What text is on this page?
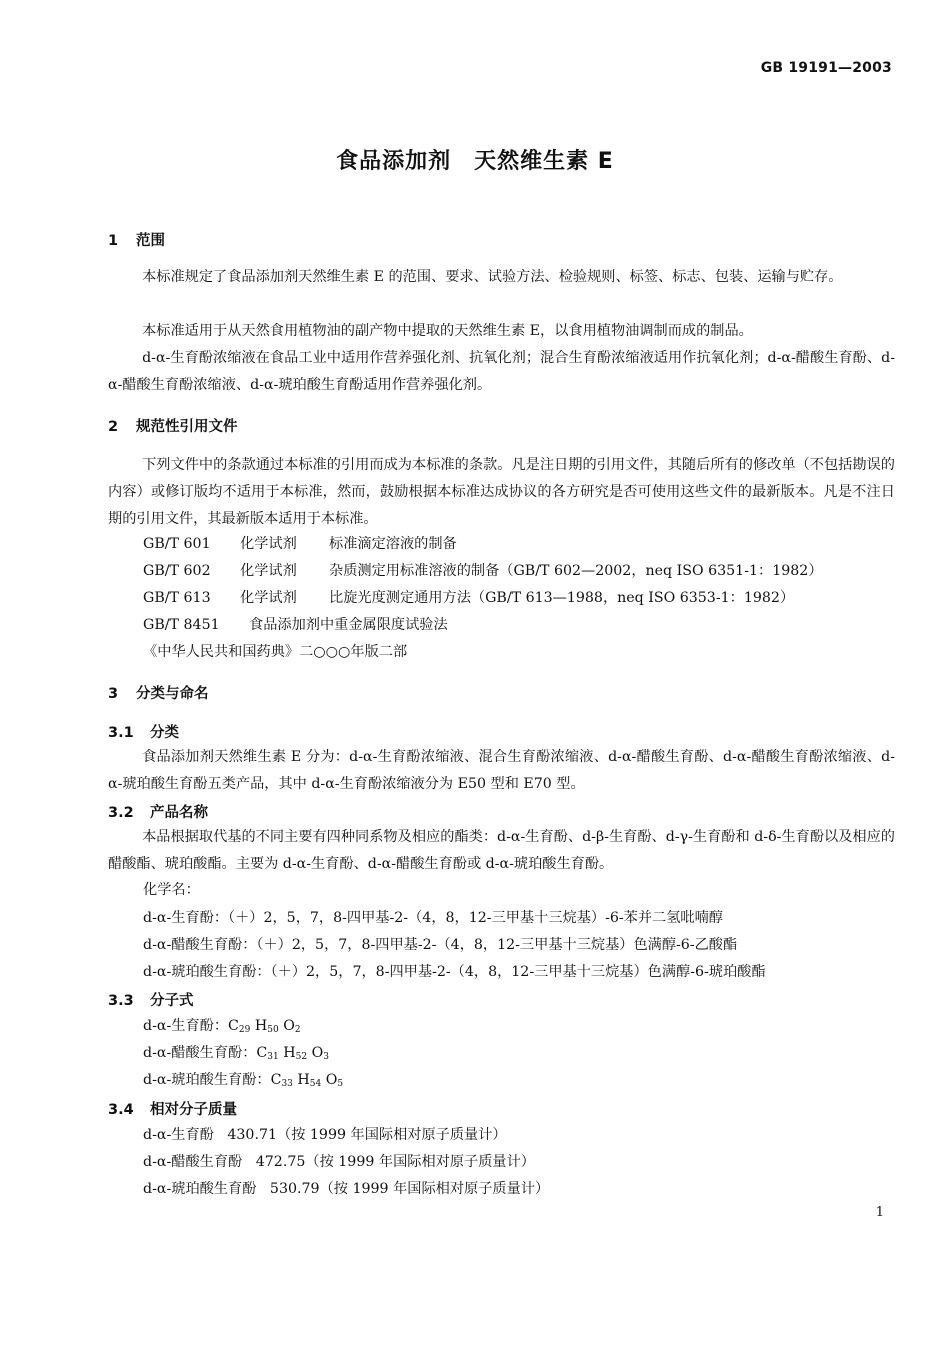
GB 19191—2003
食品添加剂　天然维生素 E
1 范围
本标准规定了食品添加剂天然维生素 E 的范围、要求、试验方法、检验规则、标签、标志、包装、运输与贮存。
本标准适用于从天然食用植物油的副产物中提取的天然维生素 E，以食用植物油调制而成的制品。
d-α-生育酚浓缩液在食品工业中适用作营养强化剂、抗氧化剂；混合生育酚浓缩液适用作抗氧化剂；d-α-醋酸生育酚、d-α-醋酸生育酚浓缩液、d-α-琥珀酸生育酚适用作营养强化剂。
2 规范性引用文件
下列文件中的条款通过本标准的引用而成为本标准的条款。凡是注日期的引用文件，其随后所有的修改单（不包括勘误的内容）或修订版均不适用于本标准，然而，鼓励根据本标准达成协议的各方研究是否可使用这些文件的最新版本。凡是不注日期的引用文件，其最新版本适用于本标准。
GB/T 601 化学试剂 标准滴定溶液的制备
GB/T 602 化学试剂 杂质测定用标准溶液的制备（GB/T 602—2002，neq ISO 6351-1：1982）
GB/T 613 化学试剂 比旋光度测定通用方法（GB/T 613—1988，neq ISO 6353-1：1982）
GB/T 8451 食品添加剂中重金属限度试验法
《中华人民共和国药典》二○○○年版二部
3 分类与命名
3.1 分类
食品添加剂天然维生素 E 分为：d-α-生育酚浓缩液、混合生育酚浓缩液、d-α-醋酸生育酚、d-α-醋酸生育酚浓缩液、d-α-琥珀酸生育酚五类产品，其中 d-α-生育酚浓缩液分为 E50 型和 E70 型。
3.2 产品名称
本品根据取代基的不同主要有四种同系物及相应的酯类：d-α-生育酚、d-β-生育酚、d-γ-生育酚和 d-δ-生育酚以及相应的醋酸酯、琥珀酸酯。主要为 d-α-生育酚、d-α-醋酸生育酚或 d-α-琥珀酸生育酚。
化学名：
d-α-生育酚：（＋）2，5，7，8-四甲基-2-（4，8，12-三甲基十三烷基）-6-苯并二氢吡喃醇
d-α-醋酸生育酚：（＋）2，5，7，8-四甲基-2-（4，8，12-三甲基十三烷基）色满醇-6-乙酸酯
d-α-琥珀酸生育酚：（＋）2，5，7，8-四甲基-2-（4，8，12-三甲基十三烷基）色满醇-6-琥珀酸酯
3.3 分子式
d-α-生育酚：$C_{29}$ $H_{50}$ $O_2$
d-α-醋酸生育酚：$C_{31}$ $H_{52}$ $O_3$
d-α-琥珀酸生育酚：$C_{33}$ $H_{54}$ $O_5$
3.4 相对分子质量
d-α-生育酚 430.71（按 1999 年国际相对原子质量计）
d-α-醋酸生育酚 472.75（按 1999 年国际相对原子质量计）
d-α-琥珀酸生育酚 530.79（按 1999 年国际相对原子质量计）
1
